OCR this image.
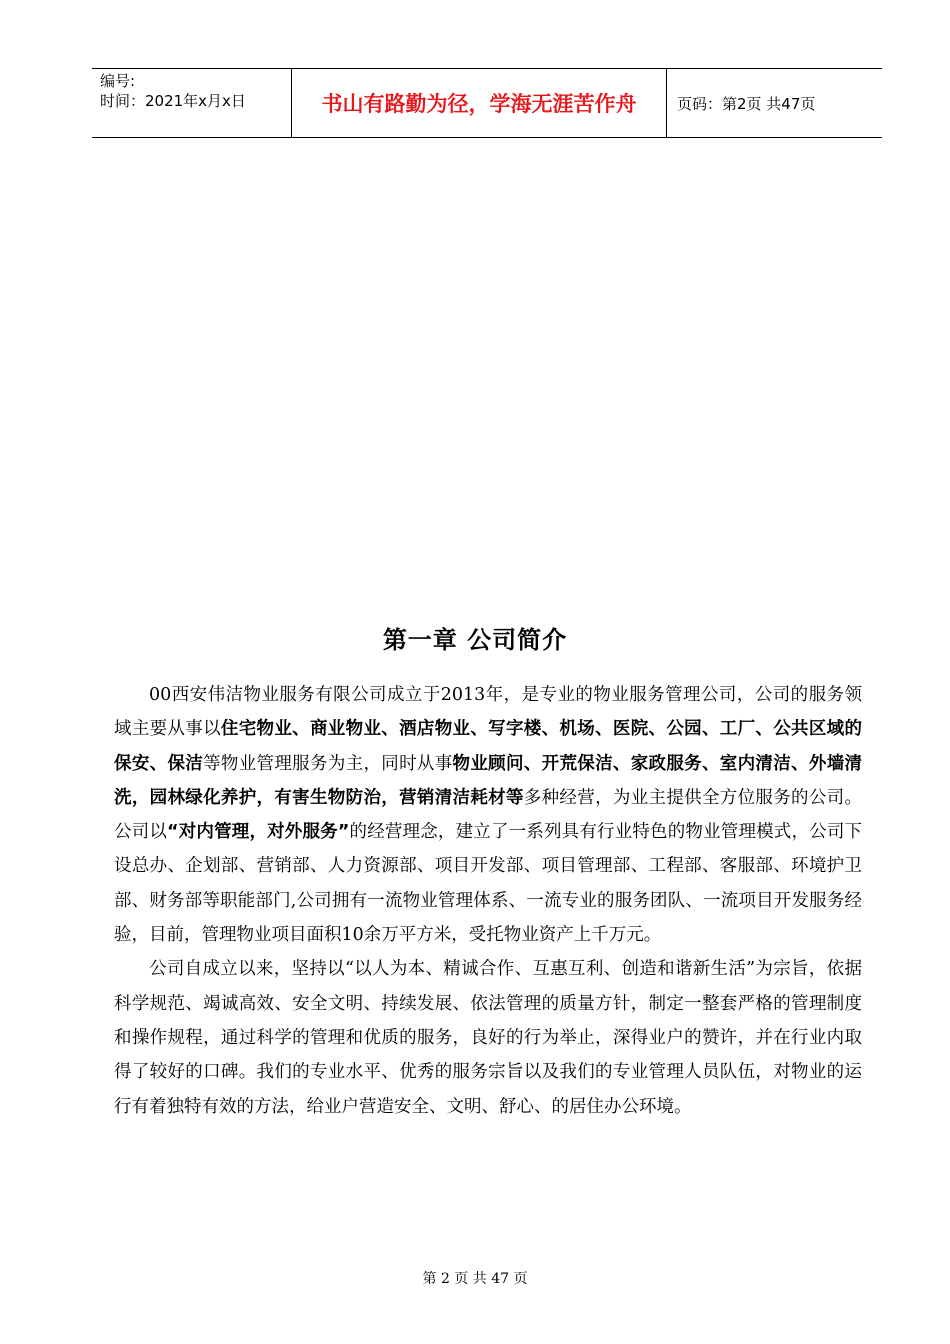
编号:
时间：2021年x月x日	书山有路勤为径，学海无涯苦作舟	页码：第2页 共47页
第一章 公司简介

00西安伟洁物业服务有限公司成立于2013年，是专业的物业服务管理公司，公司的服务领域主要从事以住宅物业、商业物业、酒店物业、写字楼、机场、医院、公园、工厂、公共区域的保安、保洁等物业管理服务为主，同时从事物业顾问、开荒保洁、家政服务、室内清洁、外墙清洗，园林绿化养护，有害生物防治，营销清洁耗材等多种经营，为业主提供全方位服务的公司。公司以“对内管理，对外服务”的经营理念，建立了一系列具有行业特色的物业管理模式，公司下设总办、企划部、营销部、人力资源部、项目开发部、项目管理部、工程部、客服部、环境护卫部、财务部等职能部门,公司拥有一流物业管理体系、一流专业的服务团队、一流项目开发服务经验，目前，管理物业项目面积10余万平方米，受托物业资产上千万元。

公司自成立以来，坚持以“以人为本、精诚合作、互惠互利、创造和谐新生活”为宗旨，依据科学规范、竭诚高效、安全文明、持续发展、依法管理的质量方针，制定一整套严格的管理制度和操作规程，通过科学的管理和优质的服务，良好的行为举止，深得业户的赞许，并在行业内取得了较好的口碑。我们的专业水平、优秀的服务宗旨以及我们的专业管理人员队伍，对物业的运行有着独特有效的方法，给业户营造安全、文明、舒心、的居住办公环境。

第 2 页 共 47 页
